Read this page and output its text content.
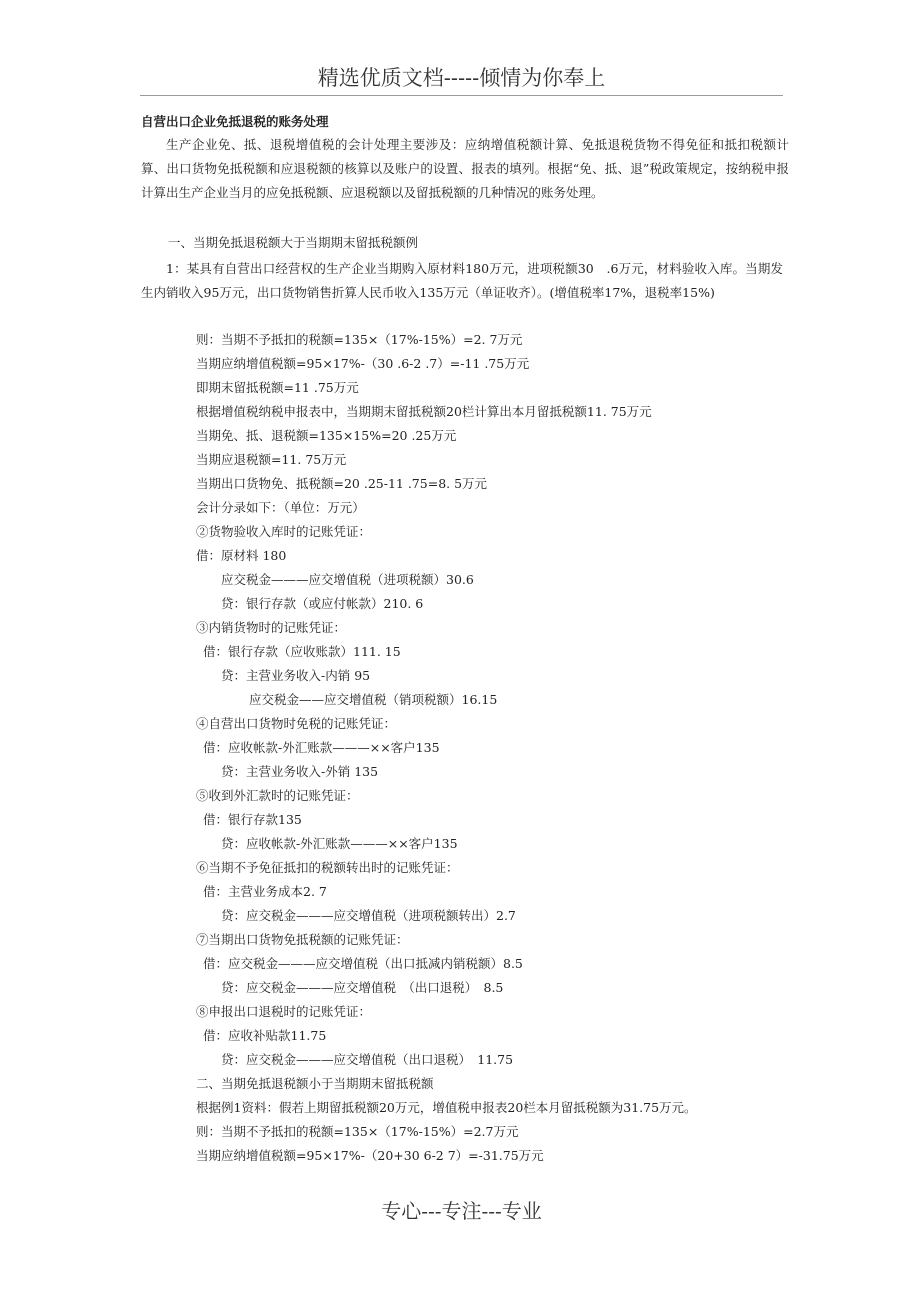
精选优质文档-----倾情为你奉上
自营出口企业免抵退税的账务处理
生产企业免、抵、退税增值税的会计处理主要涉及：应纳增值税额计算、免抵退税货物不得免征和抵扣税额计算、出口货物免抵税额和应退税额的核算以及账户的设置、报表的填列。根据“免、抵、退”税政策规定，按纳税申报计算出生产企业当月的应免抵税额、应退税额以及留抵税额的几种情况的账务处理。
一、当期免抵退税额大于当期期末留抵税额例
1：某具有自营出口经营权的生产企业当期购入原材料180万元，进项税额30　.6万元，材料验收入库。当期发生内销收入95万元，出口货物销售折算人民币收入135万元（单证收齐）。(增值税率17%，退税率15%)
则：当期不予抵扣的税额=135×（17%-15%）=2. 7万元
当期应纳增值税额=95×17%-（30 .6-2 .7）=-11 .75万元
即期末留抵税额=11 .75万元
根据增值税纳税申报表中，当期期末留抵税额20栏计算出本月留抵税额11. 75万元
当期免、抵、退税额=135×15%=20 .25万元
当期应退税额=11. 75万元
当期出口货物免、抵税额=20 .25-11 .75=8. 5万元
会计分录如下：（单位：万元）
②货物验收入库时的记账凭证：
借：原材料 180
应交税金———应交增值税（进项税额）30.6
贷：银行存款（或应付帐款）210. 6
③内销货物时的记账凭证：
借：银行存款（应收账款）111. 15
贷：主营业务收入-内销 95
应交税金——应交增值税（销项税额）16.15
④自营出口货物时免税的记账凭证：
借：应收帐款-外汇账款———××客户135
贷：主营业务收入-外销 135
⑤收到外汇款时的记账凭证：
借：银行存款135
贷：应收帐款-外汇账款———××客户135
⑥当期不予免征抵扣的税额转出时的记账凭证：
借：主营业务成本2. 7
贷：应交税金———应交增值税（进项税额转出）2.7
⑦当期出口货物免抵税额的记账凭证：
借：应交税金———应交增值税（出口抵减内销税额）8.5
贷：应交税金———应交增值税　（出口退税）　8.5
⑧申报出口退税时的记账凭证：
借：应收补贴款11.75
贷：应交税金———应交增值税（出口退税）　11.75
二、当期免抵退税额小于当期期末留抵税额
根据例1资料：假若上期留抵税额20万元，增值税申报表20栏本月留抵税额为31.75万元。
则：当期不予抵扣的税额=135×（17%-15%）=2.7万元
当期应纳增值税额=95×17%-（20+30 6-2 7）=-31.75万元
专心---专注---专业
